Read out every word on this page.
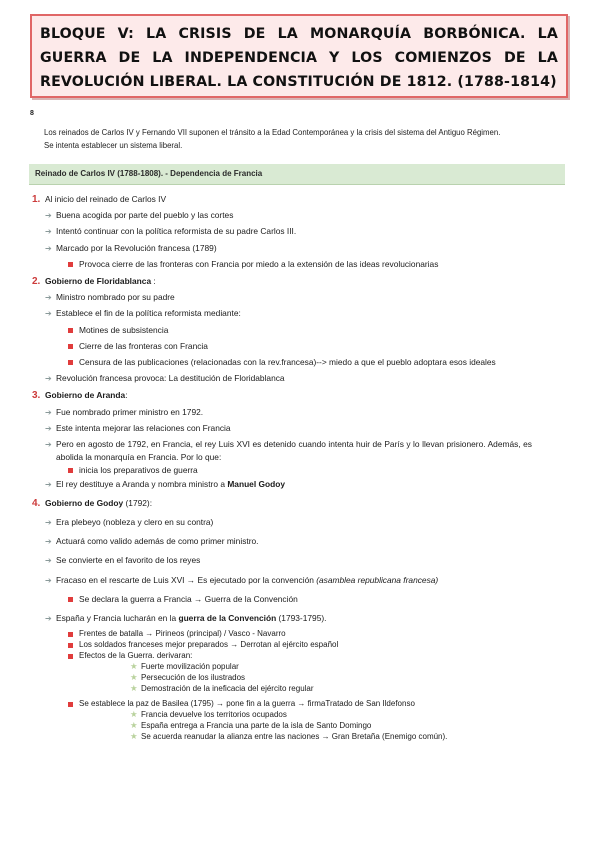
BLOQUE V: LA CRISIS DE LA MONARQUÍA BORBÓNICA. LA GUERRA DE LA INDEPENDENCIA Y LOS COMIENZOS DE LA REVOLUCIÓN LIBERAL. LA CONSTITUCIÓN DE 1812. (1788-1814)
8
Los reinados de Carlos IV y Fernando VII suponen el tránsito a la Edad Contemporánea y la crisis del sistema del Antiguo Régimen. Se intenta establecer un sistema liberal.
Reinado de Carlos IV (1788-1808). - Dependencia de Francia
1. Al inicio del reinado de Carlos IV
➔ Buena acogida por parte del pueblo y las cortes
➔ Intentó continuar con la política reformista de su padre Carlos III.
➔ Marcado por la Revolución francesa (1789)
Provoca cierre de las fronteras con Francia por miedo a la extensión de las ideas revolucionarias
2. Gobierno de Floridablanca :
➔ Ministro nombrado por su padre
➔ Establece el fin de la política reformista mediante:
Motines de subsistencia
Cierre de las fronteras con Francia
Censura de las publicaciones (relacionadas con la rev.francesa)--> miedo a que el pueblo adoptara esos ideales
➔ Revolución francesa provoca: La destitución de Floridablanca
3. Gobierno de Aranda:
➔ Fue nombrado primer ministro en 1792.
➔ Este intenta mejorar las relaciones con Francia
➔ Pero en agosto de 1792, en Francia, el rey Luis XVI es detenido cuando intenta huir de París y lo llevan prisionero. Además, es abolida la monarquía en Francia. Por lo que:
inicia los preparativos de guerra
➔ El rey destituye a Aranda y nombra ministro a Manuel Godoy
4. Gobierno de Godoy (1792):
➔ Era plebeyo (nobleza y clero en su contra)
➔ Actuará como valido además de como primer ministro.
➔ Se convierte en el favorito de los reyes
➔ Fracaso en el rescarte de Luis XVI → Es ejecutado por la convención (asamblea republicana francesa)
Se declara la guerra a Francia → Guerra de la Convención
➔ España y Francia lucharán en la guerra de la Convención (1793-1795).
Frentes de batalla → Pirineos (principal) / Vasco - Navarro
Los soldados franceses mejor preparados → Derrotan al ejército español
Efectos de la Guerra. derivaran:
★ Fuerte movilización popular
★ Persecución de los ilustrados
★ Demostración de la ineficacia del ejército regular
Se establece la paz de Basilea (1795) → pone fin a la guerra → firmaTratado de San Ildefonso
★ Francia devuelve los territorios ocupados
★ España entrega a Francia una parte de la isla de Santo Domingo
★ Se acuerda reanudar la alianza entre las naciones → Gran Bretaña (Enemigo común).
